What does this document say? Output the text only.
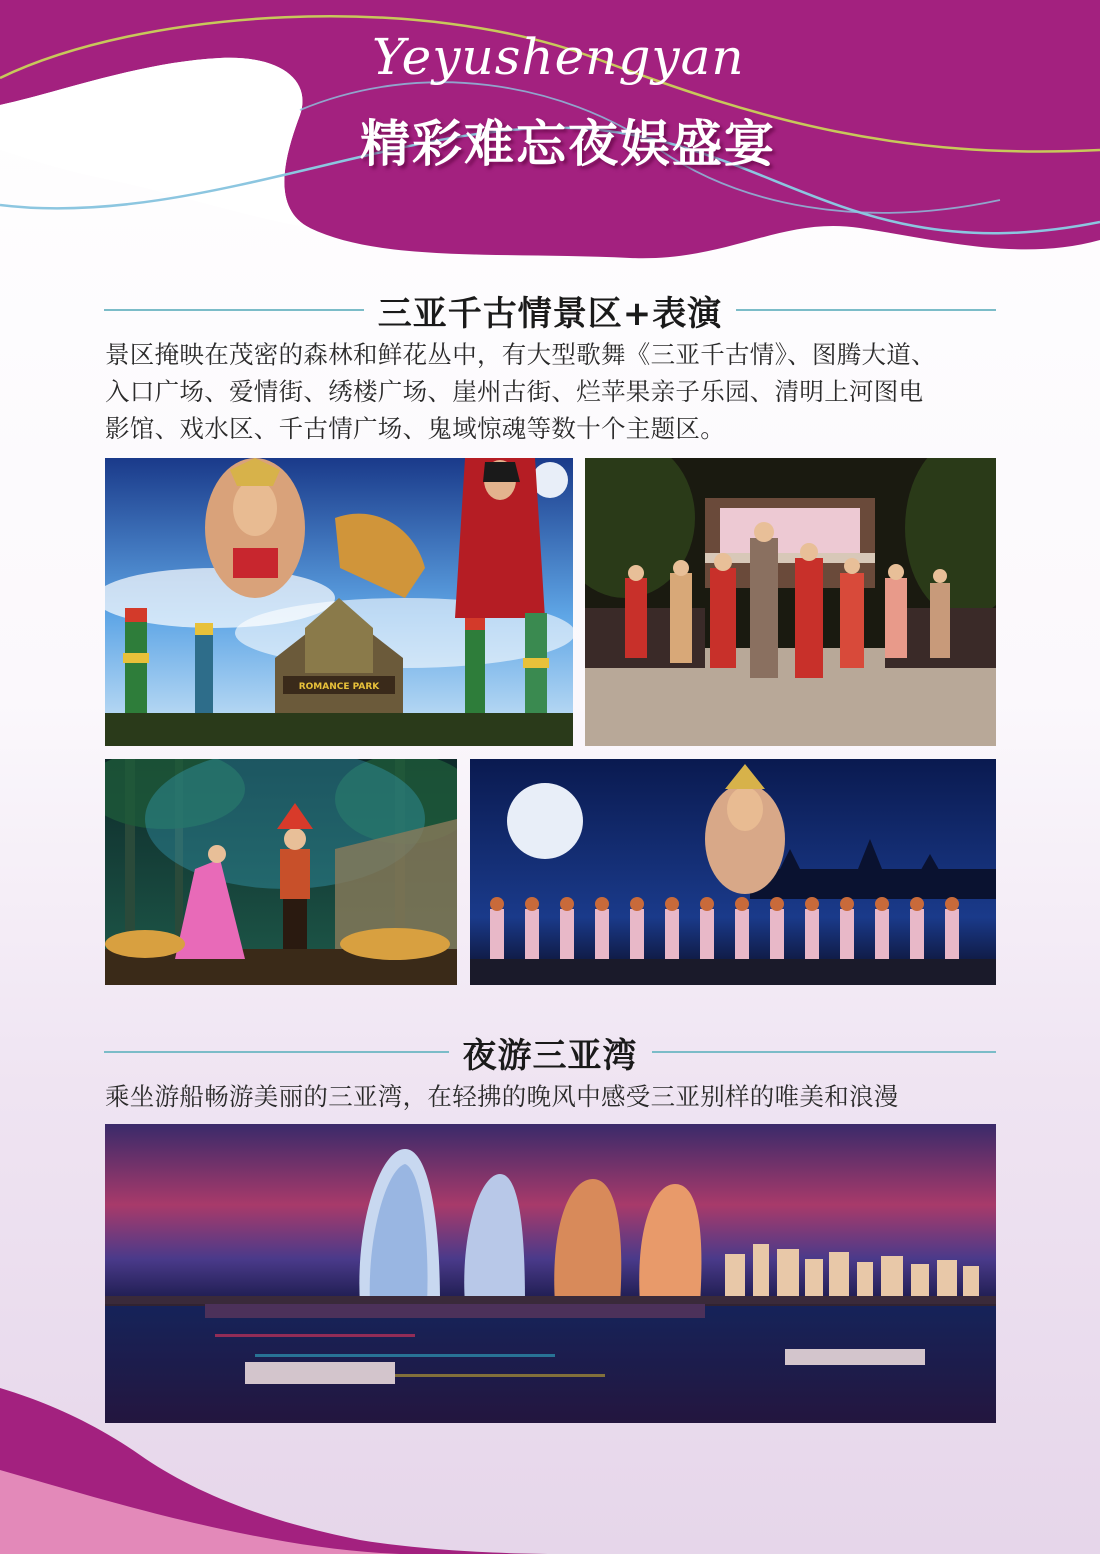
Yeyushengyan
精彩难忘夜娱盛宴
三亚千古情景区+表演
景区掩映在茂密的森林和鲜花丛中，有大型歌舞《三亚千古情》、图腾大道、
入口广场、爱情街、绣楼广场、崖州古街、烂苹果亲子乐园、清明上河图电
影馆、戏水区、千古情广场、鬼域惊魂等数十个主题区。
ROMANCE PARK
夜游三亚湾
乘坐游船畅游美丽的三亚湾，在轻拂的晚风中感受三亚别样的唯美和浪漫
